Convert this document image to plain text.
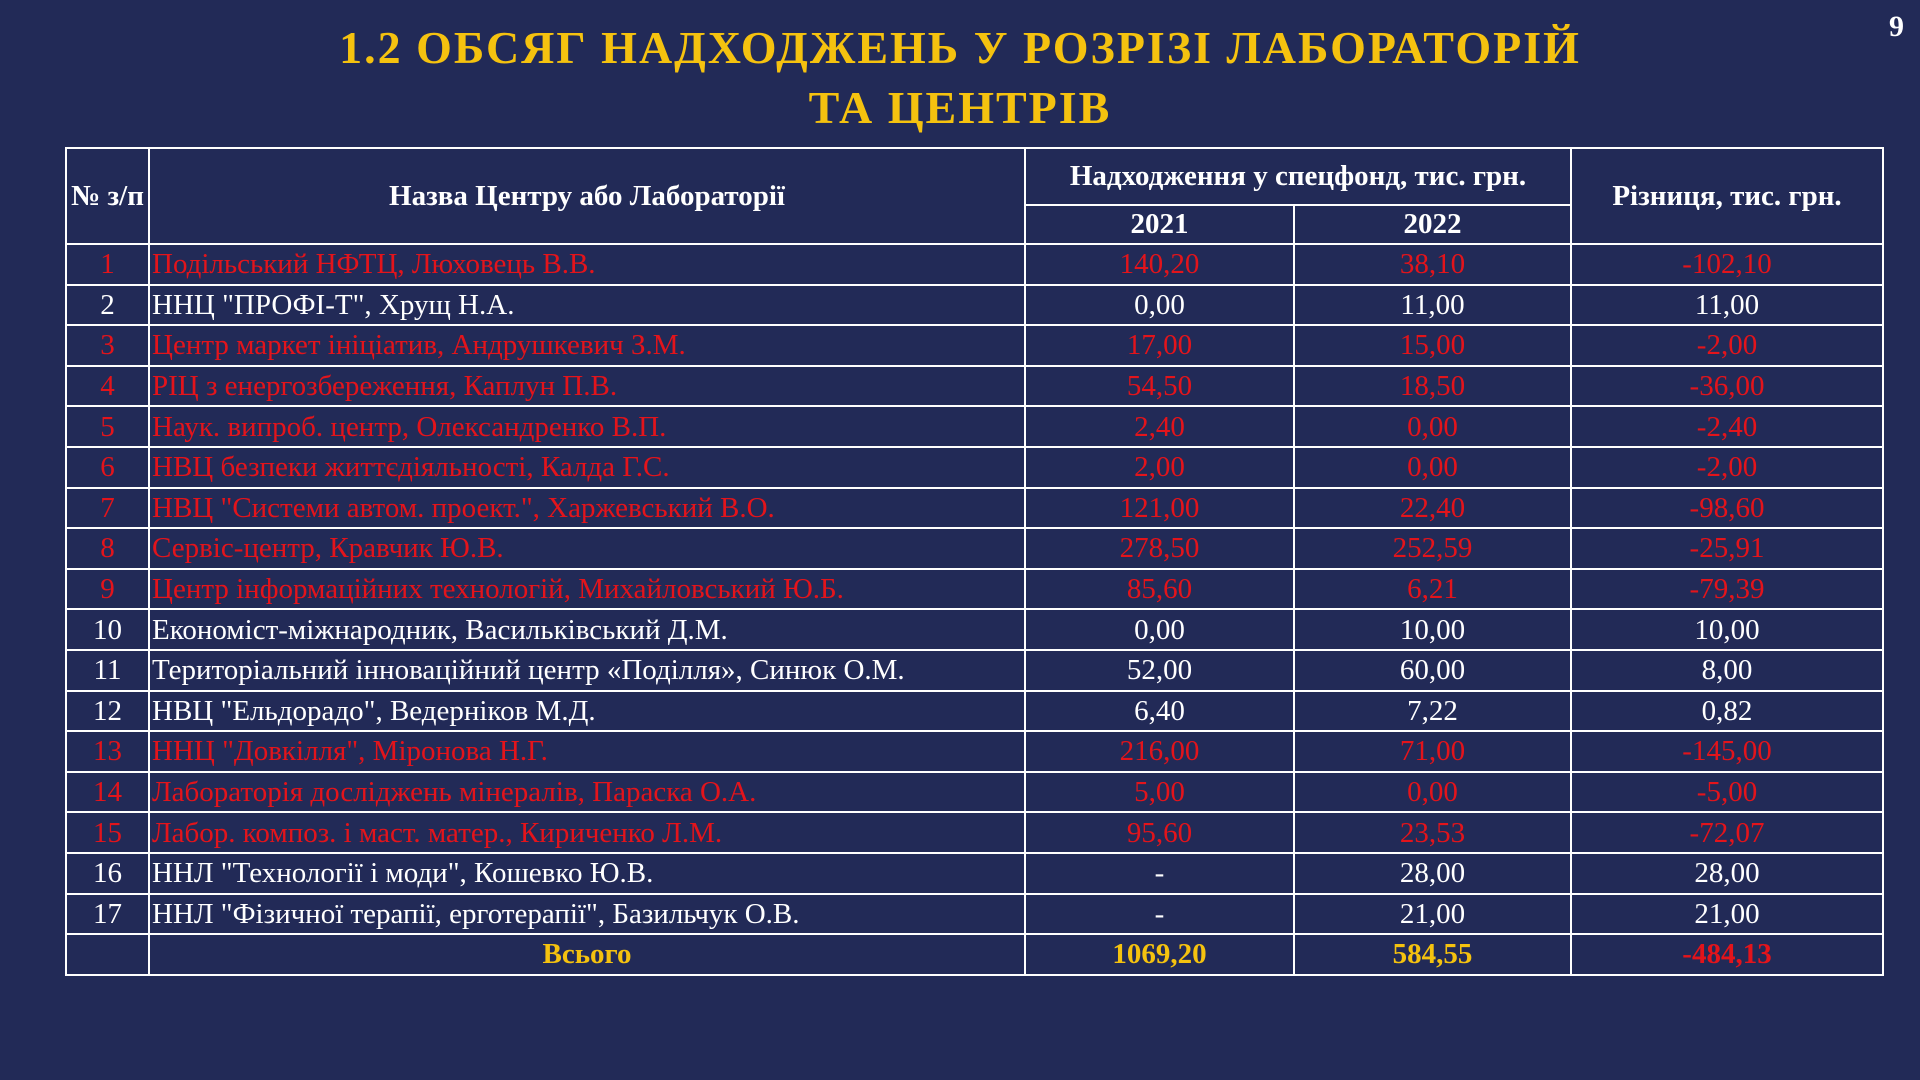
9
1.2 ОБСЯГ НАДХОДЖЕНЬ У РОЗРІЗІ ЛАБОРАТОРІЙ
ТА ЦЕНТРІВ
№ з/п	Назва Центру або Лабораторії	Надходження у спецфонд, тис. грн.		Різниця, тис. грн.
		2021	2022	
1	Подільський НФТЦ, Люховець В.В.	140,20	38,10	-102,10
2	ННЦ "ПРОФІ-Т", Хрущ Н.А.	0,00	11,00	11,00
3	Центр маркет ініціатив, Андрушкевич З.М.	17,00	15,00	-2,00
4	РІЦ з енергозбереження, Каплун П.В.	54,50	18,50	-36,00
5	Наук. випроб. центр, Олександренко В.П.	2,40	0,00	-2,40
6	НВЦ безпеки життєдіяльності, Калда Г.С.	2,00	0,00	-2,00
7	НВЦ "Системи автом. проект.", Харжевський В.О.	121,00	22,40	-98,60
8	Сервіс-центр, Кравчик Ю.В.	278,50	252,59	-25,91
9	Центр інформаційних технологій, Михайловський Ю.Б.	85,60	6,21	-79,39
10	Економіст-міжнародник, Васильківський Д.М.	0,00	10,00	10,00
11	Територіальний інноваційний центр «Поділля», Синюк О.М.	52,00	60,00	8,00
12	НВЦ "Ельдорадо", Ведерніков М.Д.	6,40	7,22	0,82
13	ННЦ "Довкілля", Міронова Н.Г.	216,00	71,00	-145,00
14	Лабораторія досліджень мінералів, Параска О.А.	5,00	0,00	-5,00
15	Лабор. композ. і маст. матер., Кириченко Л.М.	95,60	23,53	-72,07
16	ННЛ "Технології і моди", Кошевко Ю.В.	-	28,00	28,00
17	ННЛ "Фізичної терапії, ерготерапії", Базильчук О.В.	-	21,00	21,00
	Всього	1069,20	584,55	-484,13
